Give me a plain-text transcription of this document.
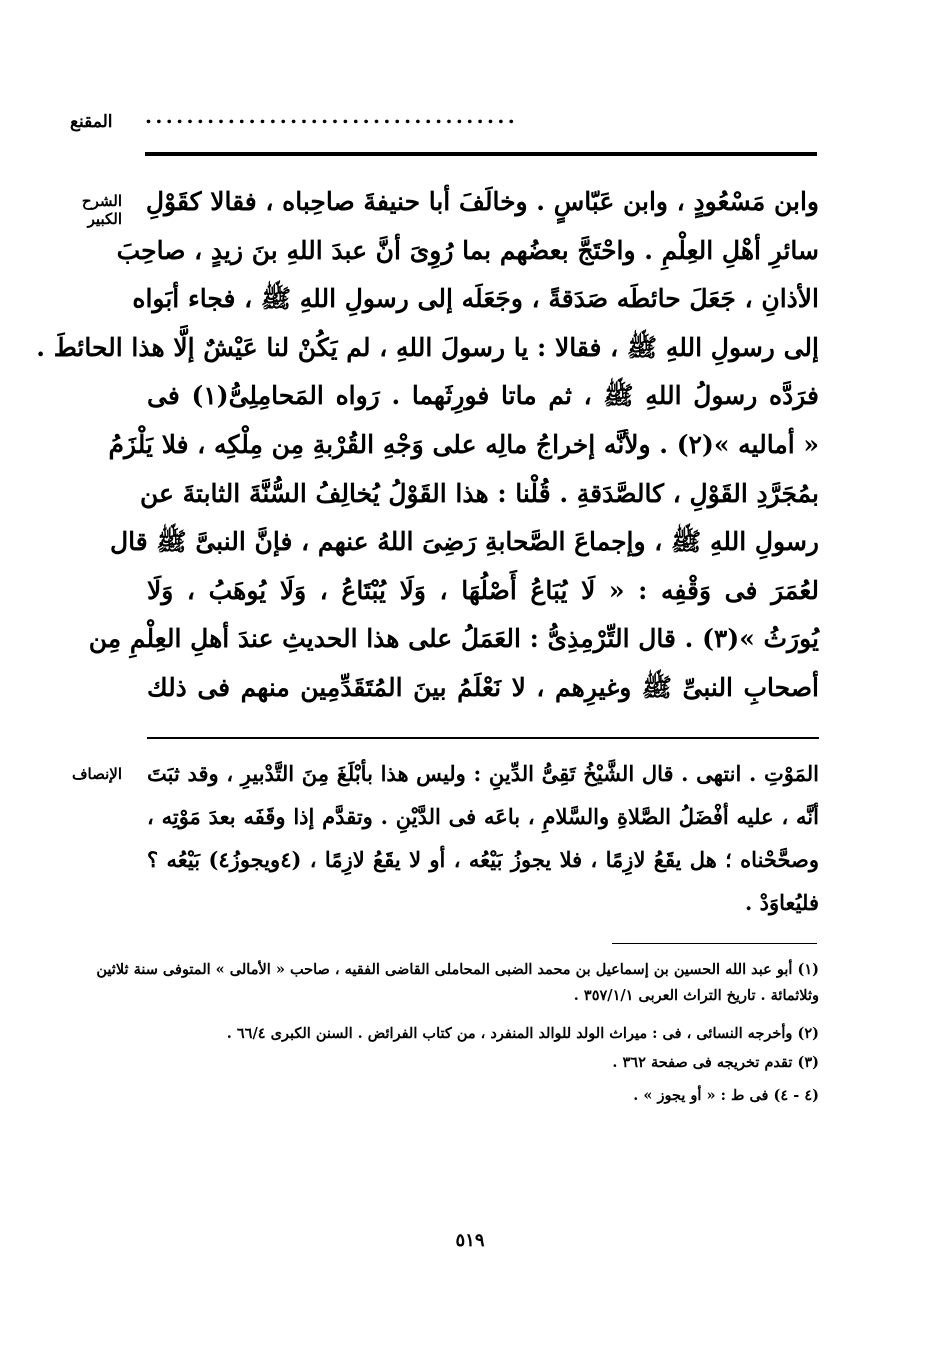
المقنع ....................................
الشرح الكبير
وابن مَسْعُودٍ ، وابن عَبّاسٍ . وخالَفَ أبا حنيفةَ صاحِباه ، فقالا كقَوْلِ
سائرِ أهْلِ العِلْمِ . واحْتَجَّ بعضُهم بما رُوِىَ أنَّ عبدَ اللهِ بنَ زيدٍ ، صاحِبَ
الأذانِ ، جَعَلَ حائطَه صَدَقةً ، وجَعَلَه إلى رسولِ اللهِ ﷺ ، فجاء أبَواه
إلى رسولِ اللهِ ﷺ ، فقالا : يا رسولَ اللهِ ، لم يَكُنْ لنا عَيْشٌ إلَّا هذا الحائطَ .
فرَدَّه رسولُ اللهِ ﷺ ، ثم ماتا فورِثَهما . رَواه المَحامِلِىُّ(١) فى
« أماليه »(٢) . ولأنَّه إخراجُ مالِه على وَجْهِ القُرْبةِ مِن مِلْكِه ، فلا يَلْزَمُ
بمُجَرَّدِ القَوْلِ ، كالصَّدَقةِ . قُلْنا : هذا القَوْلُ يُخالِفُ السُّنَّةَ الثابتةَ عن
رسولِ اللهِ ﷺ ، وإجماعَ الصَّحابةِ رَضِىَ اللهُ عنهم ، فإنَّ النبىَّ ﷺ قال
لعُمَرَ فى وَقْفِه : « لَا يُبَاعُ أَصْلُهَا ، وَلَا يُبْتَاعُ ، وَلَا يُوهَبُ ، وَلَا
يُورَثُ »(٣) . قال التِّرْمِذِىُّ : العَمَلُ على هذا الحديثِ عندَ أهلِ العِلْمِ مِن
أصحابِ النبىِّ ﷺ وغيرِهم ، لا نَعْلَمُ بينَ المُتَقَدِّمِين منهم فى ذلك
الإنصاف المَوْتِ . انتهى . قال الشَّيْخُ تَقِىُّ الدِّينِ : وليس هذا بأبْلَغَ مِنَ التَّدْبيرِ ، وقد ثبَتَ
أنَّه ، عليه أفْضَلُ الصَّلاةِ والسَّلامِ ، باعَه فى الدَّيْنِ . وتقدَّم إذا وقَفَه بعدَ مَوْتِه ،
وصحَّحْناه ؛ هل يقَعُ لازِمًا ، فلا يجوزُ بَيْعُه ، أو لا يقَعُ لازِمًا ، (٤ويجوزُ٤) بَيْعُه ؟
فليُعاوَدْ .
(١) أبو عبد الله الحسين بن إسماعيل بن محمد الضبى المحاملى القاضى الفقيه ، صاحب « الأمالى » المتوفى سنة ثلاثين
وثلاثمائة . تاريخ التراث العربى ٣٥٧/١/١ .
(٢) وأخرجه النسائى ، فى : ميراث الولد للوالد المنفرد ، من كتاب الفرائض . السنن الكبرى ٦٦/٤ .
(٣) تقدم تخريجه فى صفحة ٣٦٢ .
(٤ - ٤) فى ط : « أو يجوز » .
٥١٩
